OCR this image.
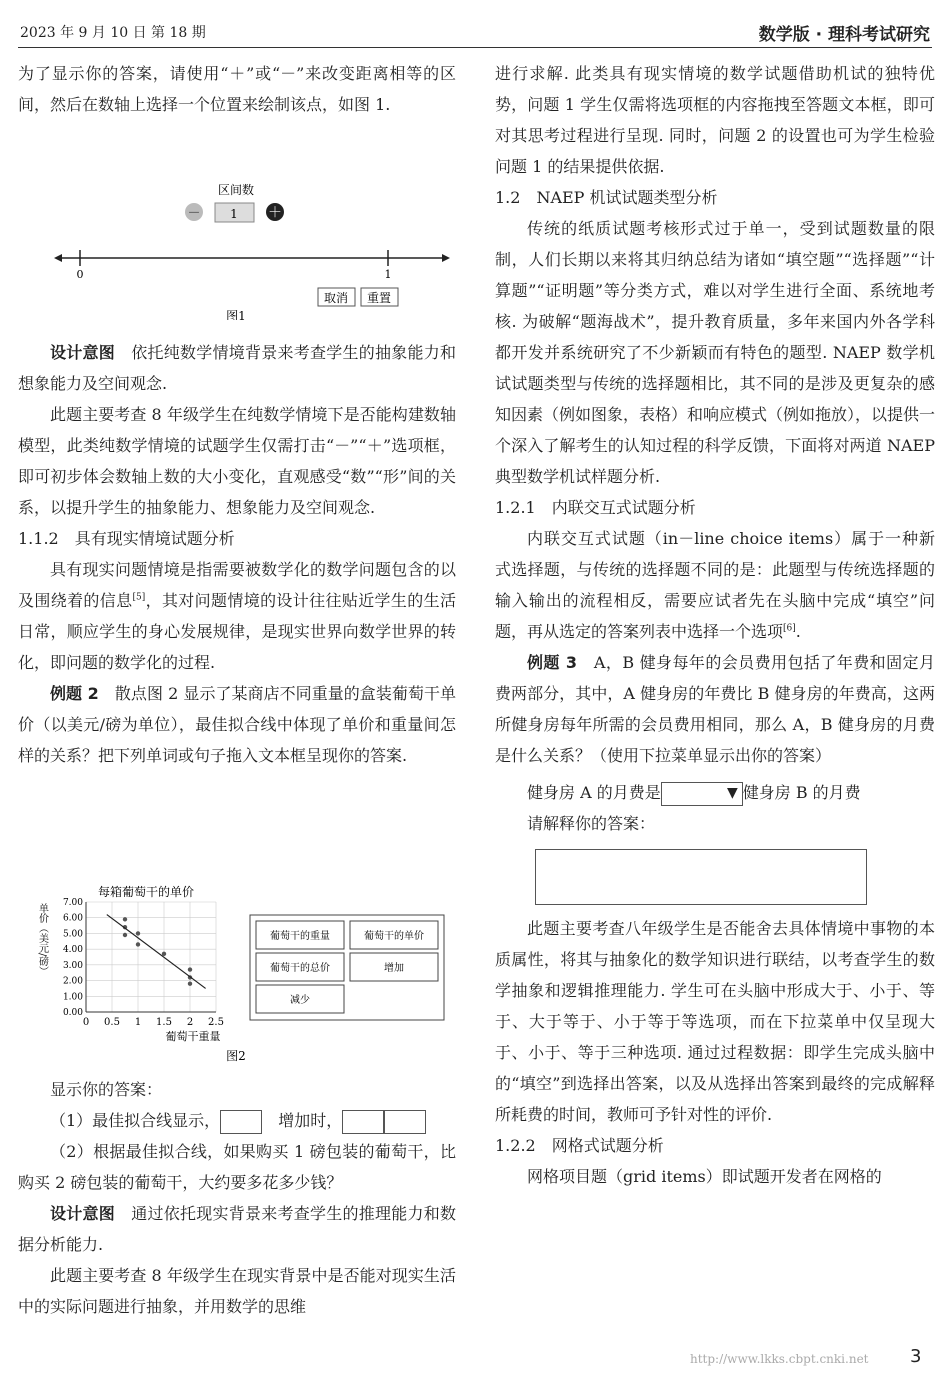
2023 年 9 月 10 日 第 18 期	数学版 · 理科考试研究

为了显示你的答案，请使用“＋”或“－”来改变距离相等的区间，然后在数轴上选择一个位置来绘制该点，如图 1.

区间数
－ 1 ＋
0	1
取消 重置
图1

设计意图　 依托纯数学情境背景来考查学生的抽象能力和想象能力及空间观念.

此题主要考查 8 年级学生在纯数学情境下是否能构建数轴模型，此类纯数学情境的试题学生仅需打击“－”“＋”选项框，即可初步体会数轴上数的大小变化，直观感受“数”“形”间的关系，以提升学生的抽象能力、想象能力及空间观念.

1.1.2　具有现实情境试题分析

具有现实问题情境是指需要被数学化的数学问题包含的以及围绕着的信息[5]，其对问题情境的设计往往贴近学生的生活日常，顺应学生的身心发展规律，是现实世界向数学世界的转化，即问题的数学化的过程.

例题 2　 散点图 2 显示了某商店不同重量的盒装葡萄干单价（以美元/磅为单位），最佳拟合线中体现了单价和重量间怎样的关系？把下列单词或句子拖入文本框呈现你的答案.

每箱葡萄干的单价
单价（美元/磅） 7.00
6.00
5.00
4.00
3.00
2.00
1.00
0.00
0 0.5 1 1.5 2 2.5
葡萄干重量
葡萄干的重量	葡萄干的单价
葡萄干的总价	增加
减少
图2

显示你的答案：

（1）最佳拟合线显示，　	增加时，

（2）根据最佳拟合线，如果购买 1 磅包装的葡萄干，比购买 2 磅包装的葡萄干，大约要多花多少钱？

设计意图　 通过依托现实背景来考查学生的推理能力和数据分析能力.

此题主要考查 8 年级学生在现实背景中是否能对现实生活中的实际问题进行抽象，并用数学的思维

进行求解. 此类具有现实情境的数学试题借助机试的独特优势，问题 1 学生仅需将选项框的内容拖拽至答题文本框，即可对其思考过程进行呈现. 同时，问题 2 的设置也可为学生检验问题 1 的结果提供依据.

1.2　NAEP 机试试题类型分析

传统的纸质试题考核形式过于单一，受到试题数量的限制，人们长期以来将其归纳总结为诸如“填空题”“选择题”“计算题”“证明题”等分类方式，难以对学生进行全面、系统地考核. 为破解“题海战术”，提升教育质量，多年来国内外各学科都开发并系统研究了不少新颖而有特色的题型. NAEP 数学机试试题类型与传统的选择题相比，其不同的是涉及更复杂的感知因素（例如图象，表格）和响应模式（例如拖放），以提供一个深入了解考生的认知过程的科学反馈，下面将对两道 NAEP 典型数学机试样题分析.

1.2.1　内联交互式试题分析

内联交互式试题（in－line choice items）属于一种新式选择题，与传统的选择题不同的是：此题型与传统选择题的输入输出的流程相反，需要应试者先在头脑中完成“填空”问题，再从选定的答案列表中选择一个选项[6].

例题 3　 A，B 健身每年的会员费用包括了年费和固定月费两部分，其中，A 健身房的年费比 B 健身房的年费高，这两所健身房每年所需的会员费用相同，那么 A，B 健身房的月费是什么关系？（使用下拉菜单显示出你的答案）

健身房 A 的月费是	▼ 健身房 B 的月费

请解释你的答案：

此题主要考查八年级学生是否能舍去具体情境中事物的本质属性，将其与抽象化的数学知识进行联结，以考查学生的数学抽象和逻辑推理能力. 学生可在头脑中形成大于、小于、等于、大于等于、小于等于等选项，而在下拉菜单中仅呈现大于、小于、等于三种选项. 通过过程数据：即学生完成头脑中的“填空”到选择出答案，以及从选择出答案到最终的完成解释所耗费的时间，教师可予针对性的评价.

1.2.2　网格式试题分析

网格项目题（grid items）即试题开发者在网格的

http://www.lkks.cbpt.cnki.net 3
